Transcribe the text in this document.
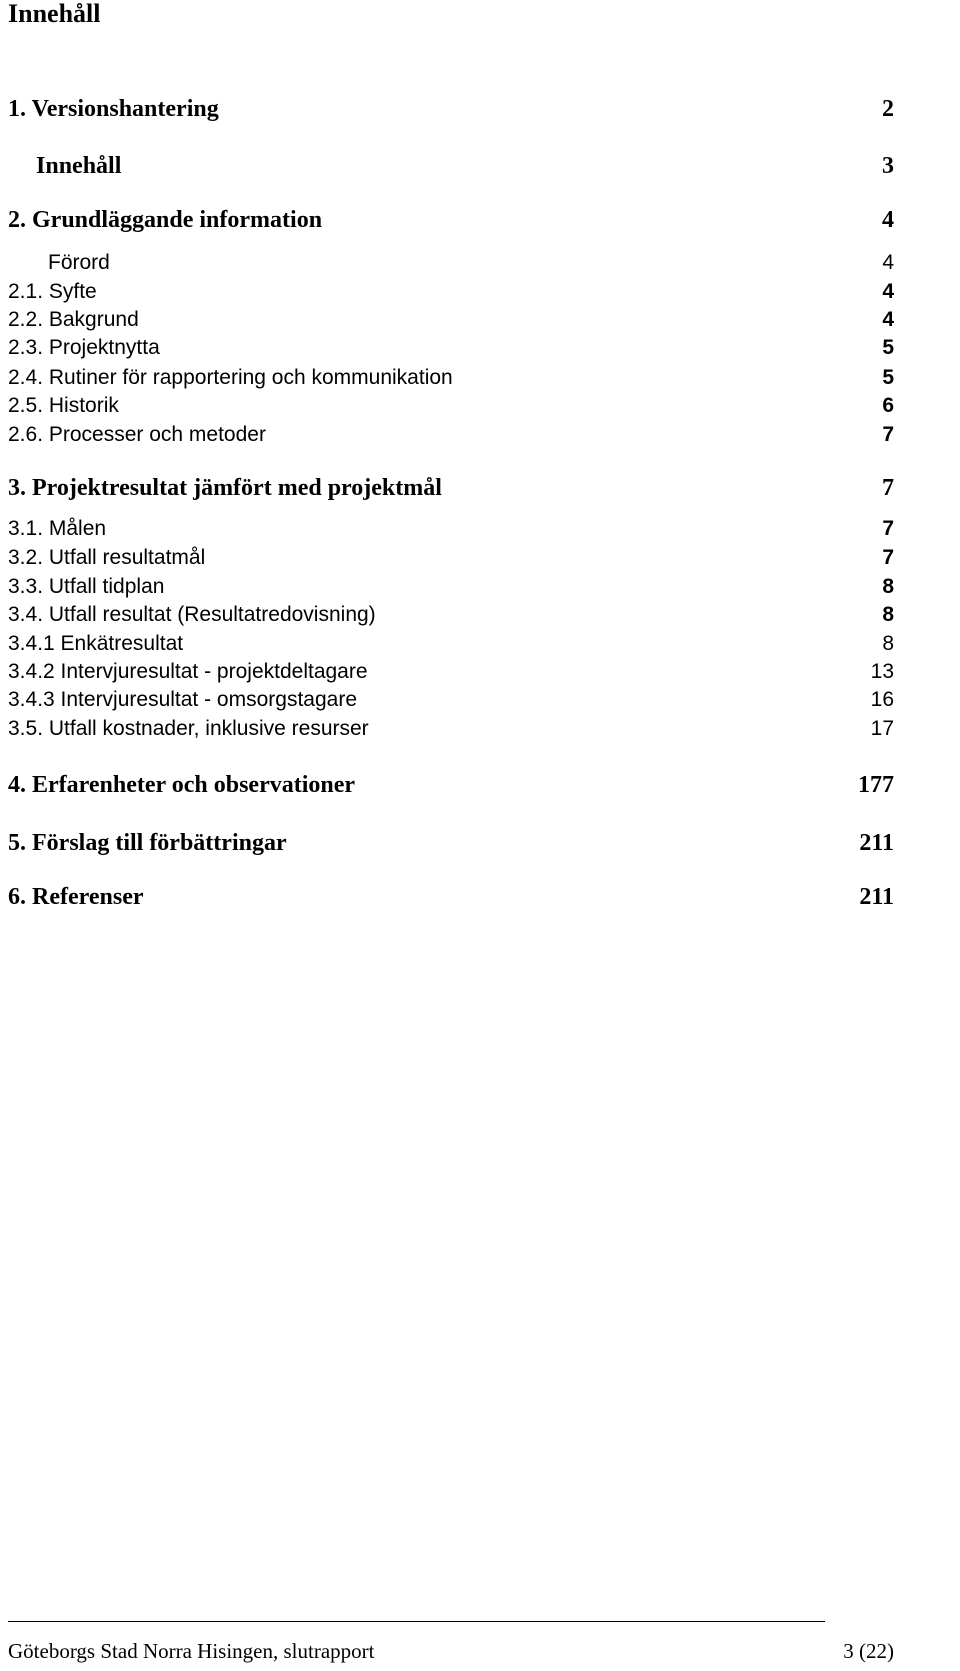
Innehåll
1. Versionshantering	2
Innehåll	3
2. Grundläggande information	4
Förord	4
2.1. Syfte	4
2.2. Bakgrund	4
2.3. Projektnytta	5
2.4. Rutiner för rapportering och kommunikation	5
2.5. Historik	6
2.6. Processer och metoder	7
3. Projektresultat jämfört med projektmål	7
3.1. Målen	7
3.2. Utfall resultatmål	7
3.3. Utfall tidplan	8
3.4. Utfall resultat (Resultatredovisning)	8
3.4.1 Enkätresultat	8
3.4.2 Intervjuresultat - projektdeltagare	13
3.4.3 Intervjuresultat - omsorgstagare	16
3.5. Utfall kostnader, inklusive resurser	17
4. Erfarenheter och observationer	177
5. Förslag till förbättringar	211
6. Referenser	211
Göteborgs Stad Norra Hisingen, slutrapport	3 (22)
